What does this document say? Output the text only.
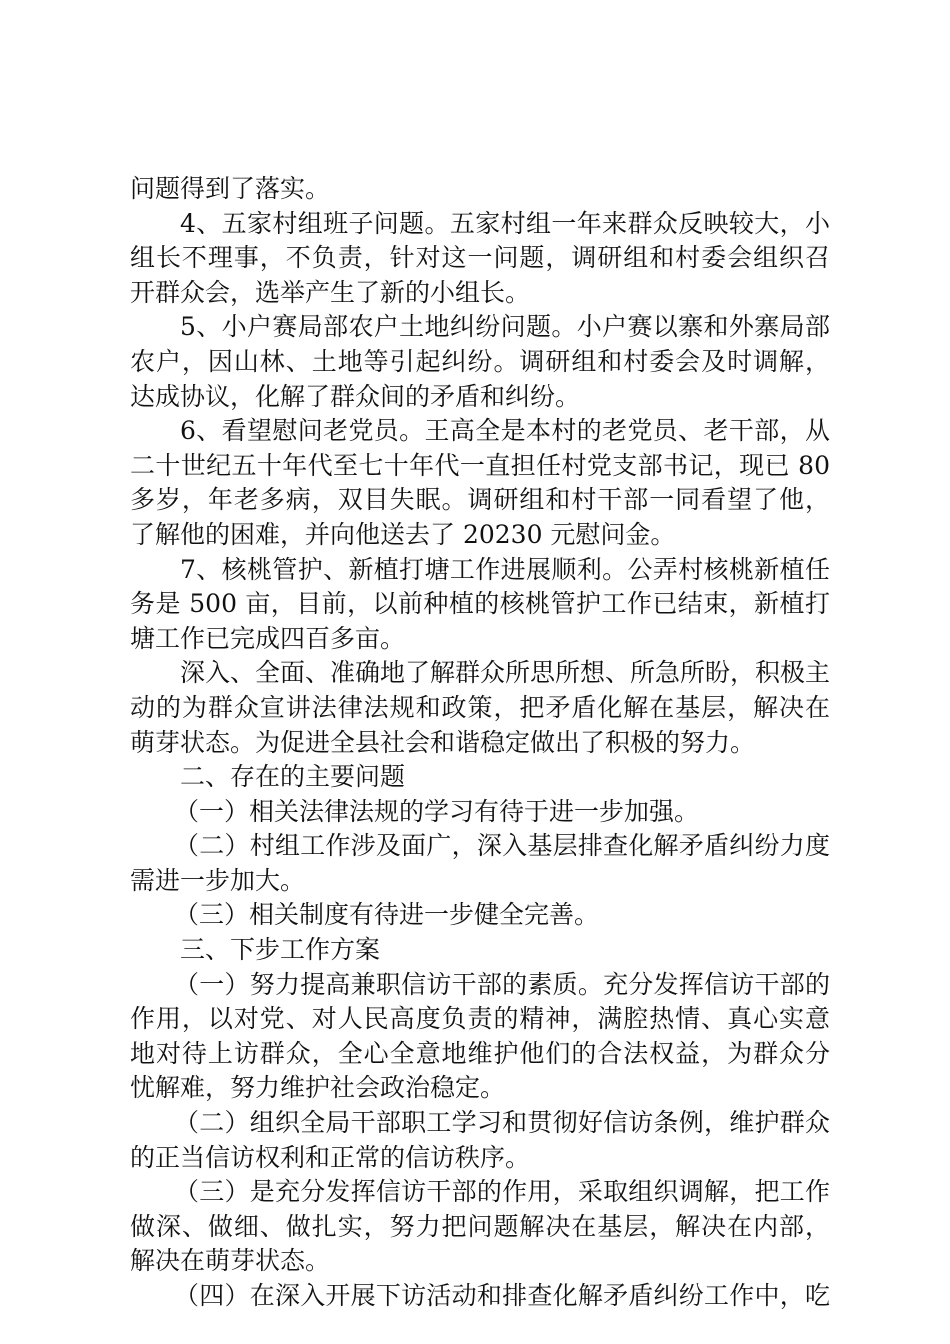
问题得到了落实。
4、五家村组班子问题。五家村组一年来群众反映较大，小
组长不理事，不负责，针对这一问题，调研组和村委会组织召
开群众会，选举产生了新的小组长。
5、小户赛局部农户土地纠纷问题。小户赛以寨和外寨局部
农户，因山林、土地等引起纠纷。调研组和村委会及时调解，
达成协议，化解了群众间的矛盾和纠纷。
6、看望慰问老党员。王高全是本村的老党员、老干部，从
二十世纪五十年代至七十年代一直担任村党支部书记，现已 80
多岁，年老多病，双目失眠。调研组和村干部一同看望了他，
了解他的困难，并向他送去了 20230 元慰问金。
7、核桃管护、新植打塘工作进展顺利。公弄村核桃新植任
务是 500 亩，目前，以前种植的核桃管护工作已结束，新植打
塘工作已完成四百多亩。
深入、全面、准确地了解群众所思所想、所急所盼，积极主
动的为群众宣讲法律法规和政策，把矛盾化解在基层，解决在
萌芽状态。为促进全县社会和谐稳定做出了积极的努力。
二、存在的主要问题
（一）相关法律法规的学习有待于进一步加强。
（二）村组工作涉及面广，深入基层排查化解矛盾纠纷力度
需进一步加大。
（三）相关制度有待进一步健全完善。
三、下步工作方案
（一）努力提高兼职信访干部的素质。充分发挥信访干部的
作用，以对党、对人民高度负责的精神，满腔热情、真心实意
地对待上访群众，全心全意地维护他们的合法权益，为群众分
忧解难，努力维护社会政治稳定。
（二）组织全局干部职工学习和贯彻好信访条例，维护群众
的正当信访权利和正常的信访秩序。
（三）是充分发挥信访干部的作用，采取组织调解，把工作
做深、做细、做扎实，努力把问题解决在基层，解决在内部，
解决在萌芽状态。
（四）在深入开展下访活动和排查化解矛盾纠纷工作中，吃
